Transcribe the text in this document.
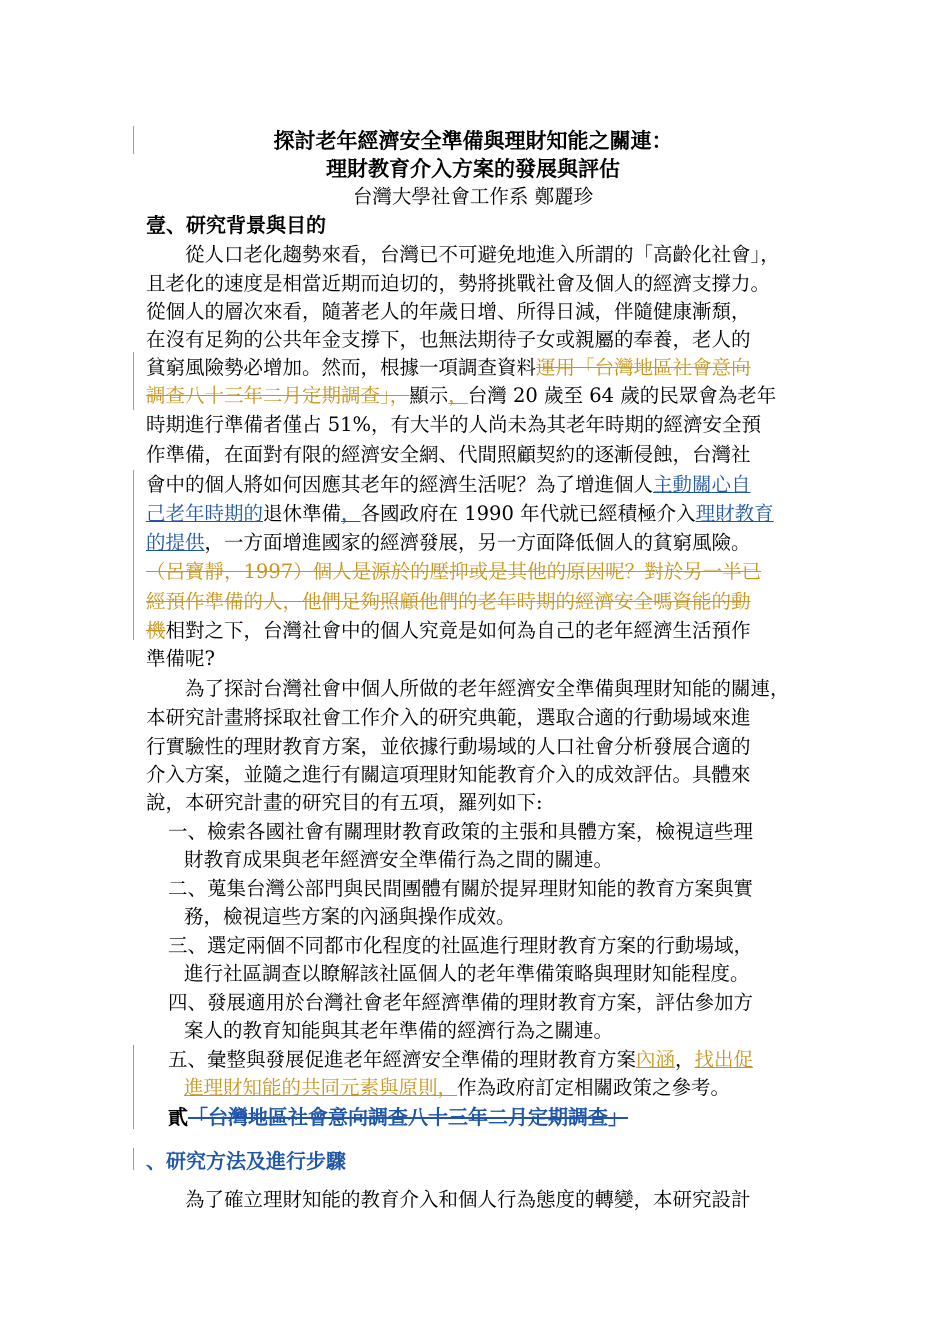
探討老年經濟安全準備與理財知能之關連：
理財教育介入方案的發展與評估
台灣大學社會工作系 鄭麗珍
壹、研究背景與目的
從人口老化趨勢來看，台灣已不可避免地進入所謂的「高齡化社會」，
且老化的速度是相當近期而迫切的，勢將挑戰社會及個人的經濟支撐力。
從個人的層次來看，隨著老人的年歲日增、所得日減，伴隨健康漸頹，
在沒有足夠的公共年金支撐下，也無法期待子女或親屬的奉養，老人的
貧窮風險勢必增加。然而，根據一項調查資料運用「台灣地區社會意向
調查八十三年二月定期調查」，顯示，台灣 20 歲至 64 歲的民眾會為老年
時期進行準備者僅占 51%，有大半的人尚未為其老年時期的經濟安全預
作準備，在面對有限的經濟安全網、代間照顧契約的逐漸侵蝕，台灣社
會中的個人將如何因應其老年的經濟生活呢？為了增進個人主動關心自
己老年時期的退休準備，各國政府在 1990 年代就已經積極介入理財教育
的提供，一方面增進國家的經濟發展，另一方面降低個人的貧窮風險。
（呂寶靜，1997）個人是源於的壓抑或是其他的原因呢？對於另一半已
經預作準備的人，他們足夠照顧他們的老年時期的經濟安全嗎資能的動
機相對之下，台灣社會中的個人究竟是如何為自己的老年經濟生活預作
準備呢?
為了探討台灣社會中個人所做的老年經濟安全準備與理財知能的關連，
本研究計畫將採取社會工作介入的研究典範，選取合適的行動場域來進
行實驗性的理財教育方案，並依據行動場域的人口社會分析發展合適的
介入方案，並隨之進行有關這項理財知能教育介入的成效評估。具體來
說，本研究計畫的研究目的有五項，羅列如下:
一、檢索各國社會有關理財教育政策的主張和具體方案，檢視這些理
財教育成果與老年經濟安全準備行為之間的關連。
二、蒐集台灣公部門與民間團體有關於提昇理財知能的教育方案與實
務，檢視這些方案的內涵與操作成效。
三、選定兩個不同都市化程度的社區進行理財教育方案的行動場域，
進行社區調查以瞭解該社區個人的老年準備策略與理財知能程度。
四、發展適用於台灣社會老年經濟準備的理財教育方案，評估參加方
案人的教育知能與其老年準備的經濟行為之關連。
五、彙整與發展促進老年經濟安全準備的理財教育方案內涵，找出促
進理財知能的共同元素與原則，作為政府訂定相關政策之參考。
貳「台灣地區社會意向調查八十三年二月定期調查」
、研究方法及進行步驟
為了確立理財知能的教育介入和個人行為態度的轉變，本研究設計
